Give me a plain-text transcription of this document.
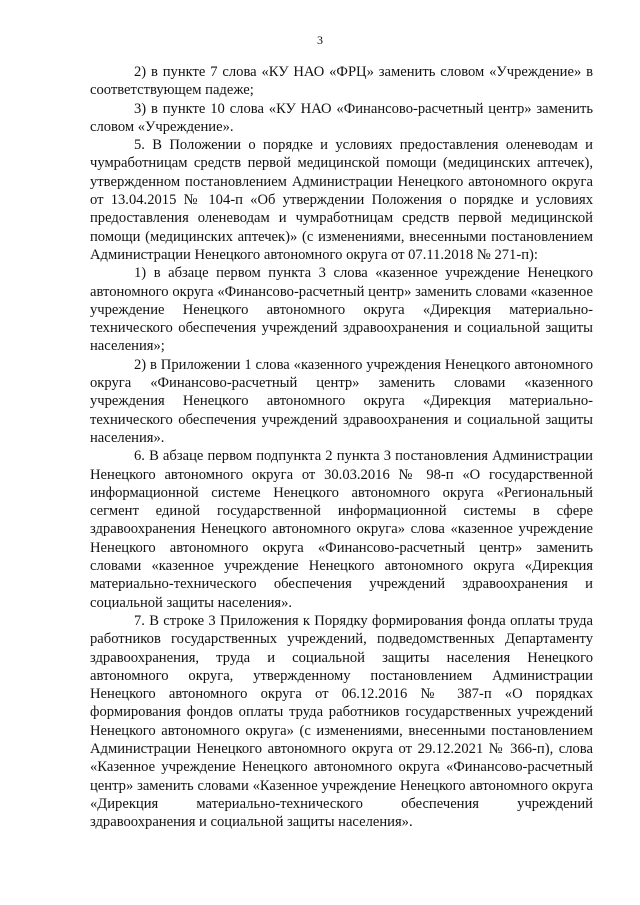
3

2) в пункте 7 слова «КУ НАО «ФРЦ» заменить словом «Учреждение» в соответствующем падеже;

3) в пункте 10 слова «КУ НАО «Финансово-расчетный центр» заменить словом «Учреждение».

5. В Положении о порядке и условиях предоставления оленеводам и чумработницам средств первой медицинской помощи (медицинских аптечек), утвержденном постановлением Администрации Ненецкого автономного округа от 13.04.2015 № 104-п «Об утверждении Положения о порядке и условиях предоставления оленеводам и чумработницам средств первой медицинской помощи (медицинских аптечек)» (с изменениями, внесенными постановлением Администрации Ненецкого автономного округа от 07.11.2018 № 271-п):

1) в абзаце первом пункта 3 слова «казенное учреждение Ненецкого автономного округа «Финансово-расчетный центр» заменить словами «казенное учреждение Ненецкого автономного округа «Дирекция материально-технического обеспечения учреждений здравоохранения и социальной защиты населения»;

2) в Приложении 1 слова «казенного учреждения Ненецкого автономного округа «Финансово-расчетный центр» заменить словами «казенного учреждения Ненецкого автономного округа «Дирекция материально-технического обеспечения учреждений здравоохранения и социальной защиты населения».

6. В абзаце первом подпункта 2 пункта 3 постановления Администрации Ненецкого автономного округа от 30.03.2016 № 98-п «О государственной информационной системе Ненецкого автономного округа «Региональный сегмент единой государственной информационной системы в сфере здравоохранения Ненецкого автономного округа» слова «казенное учреждение Ненецкого автономного округа «Финансово-расчетный центр» заменить словами «казенное учреждение Ненецкого автономного округа «Дирекция материально-технического обеспечения учреждений здравоохранения и социальной защиты населения».

7. В строке 3 Приложения к Порядку формирования фонда оплаты труда работников государственных учреждений, подведомственных Департаменту здравоохранения, труда и социальной защиты населения Ненецкого автономного округа, утвержденному постановлением Администрации Ненецкого автономного округа от 06.12.2016 № 387-п «О порядках формирования фондов оплаты труда работников государственных учреждений Ненецкого автономного округа» (с изменениями, внесенными постановлением Администрации Ненецкого автономного округа от 29.12.2021 № 366-п), слова «Казенное учреждение Ненецкого автономного округа «Финансово-расчетный центр» заменить словами «Казенное учреждение Ненецкого автономного округа «Дирекция материально-технического обеспечения учреждений здравоохранения и социальной защиты населения».
